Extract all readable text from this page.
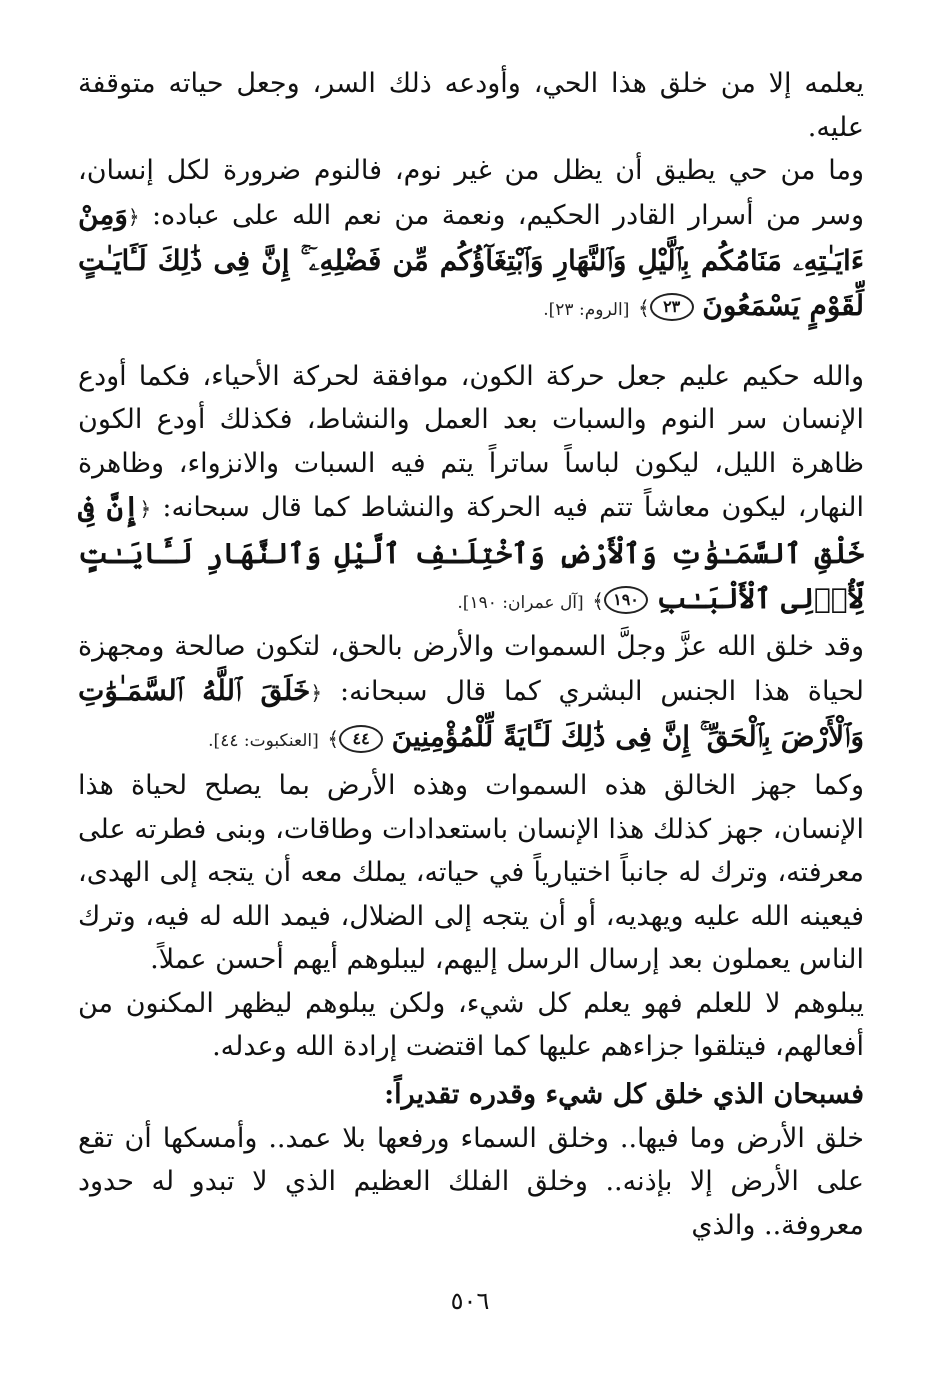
يعلمه إلا من خلق هذا الحي، وأودعه ذلك السر، وجعل حياته متوقفة عليه.

وما من حي يطيق أن يظل من غير نوم، فالنوم ضرورة لكل إنسان، وسر من أسرار القادر الحكيم، ونعمة من نعم الله على عباده: ﴿وَمِنْ ءَايَـٰتِهِۦ مَنَامُكُم بِٱلَّيْلِ وَٱلنَّهَارِ وَٱبْتِغَآؤُكُم مِّن فَضْلِهِۦٓ ۚ إِنَّ فِى ذَٰلِكَ لَـَٔايَـٰتٍ لِّقَوْمٍ يَسْمَعُونَ ٢٣﴾ [الروم: ٢٣].

والله حكيم عليم جعل حركة الكون، موافقة لحركة الأحياء، فكما أودع الإنسان سر النوم والسبات بعد العمل والنشاط، فكذلك أودع الكون ظاهرة الليل، ليكون لباساً ساتراً يتم فيه السبات والانزواء، وظاهرة النهار، ليكون معاشاً تتم فيه الحركة والنشاط كما قال سبحانه: ﴿إِنَّ فِى خَلْقِ ٱلسَّمَـٰوَٰتِ وَٱلْأَرْضِ وَٱخْتِلَـٰفِ ٱلَّيْلِ وَٱلنَّهَارِ لَـَٔايَـٰتٍ لِّأُو۟لِى ٱلْأَلْبَـٰبِ ١٩٠﴾ [آل عمران: ١٩٠].

وقد خلق الله عزَّ وجلَّ السموات والأرض بالحق، لتكون صالحة ومجهزة لحياة هذا الجنس البشري كما قال سبحانه: ﴿خَلَقَ ٱللَّهُ ٱلسَّمَـٰوَٰتِ وَٱلْأَرْضَ بِٱلْحَقِّ ۚ إِنَّ فِى ذَٰلِكَ لَـَٔايَةً لِّلْمُؤْمِنِينَ ٤٤﴾ [العنكبوت: ٤٤].

وكما جهز الخالق هذه السموات وهذه الأرض بما يصلح لحياة هذا الإنسان، جهز كذلك هذا الإنسان باستعدادات وطاقات، وبنى فطرته على معرفته، وترك له جانباً اختيارياً في حياته، يملك معه أن يتجه إلى الهدى، فيعينه الله عليه ويهديه، أو أن يتجه إلى الضلال، فيمد الله له فيه، وترك الناس يعملون بعد إرسال الرسل إليهم، ليبلوهم أيهم أحسن عملاً.

يبلوهم لا للعلم فهو يعلم كل شيء، ولكن يبلوهم ليظهر المكنون من أفعالهم، فيتلقوا جزاءهم عليها كما اقتضت إرادة الله وعدله.

فسبحان الذي خلق كل شيء وقدره تقديراً:

خلق الأرض وما فيها.. وخلق السماء ورفعها بلا عمد.. وأمسكها أن تقع على الأرض إلا بإذنه.. وخلق الفلك العظيم الذي لا تبدو له حدود معروفة.. والذي

٥٠٦
